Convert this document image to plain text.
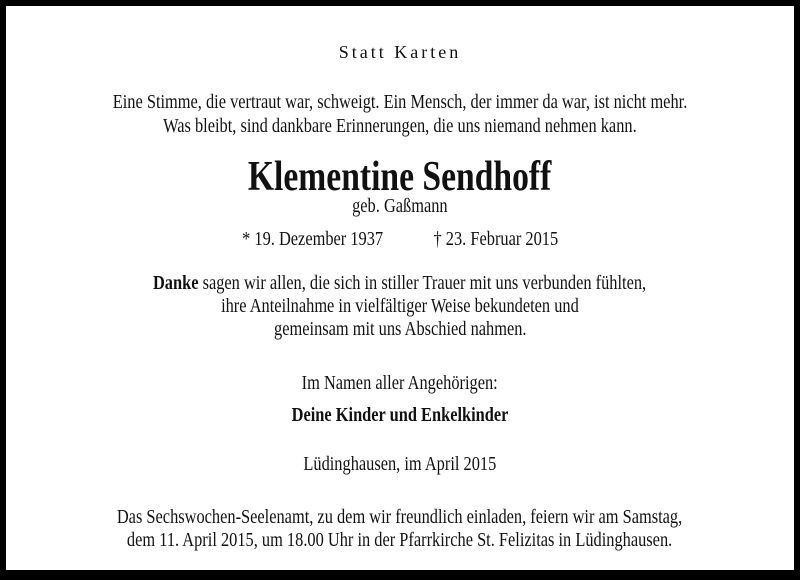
Statt Karten
Eine Stimme, die vertraut war, schweigt. Ein Mensch, der immer da war, ist nicht mehr.
Was bleibt, sind dankbare Erinnerungen, die uns niemand nehmen kann.
Klementine Sendhoff
geb. Gaßmann
* 19. Dezember 1937	† 23. Februar 2015
Danke sagen wir allen, die sich in stiller Trauer mit uns verbunden fühlten,
ihre Anteilnahme in vielfältiger Weise bekundeten und
gemeinsam mit uns Abschied nahmen.
Im Namen aller Angehörigen:
Deine Kinder und Enkelkinder
Lüdinghausen, im April 2015
Das Sechswochen-Seelenamt, zu dem wir freundlich einladen, feiern wir am Samstag,
dem 11. April 2015, um 18.00 Uhr in der Pfarrkirche St. Felizitas in Lüdinghausen.
